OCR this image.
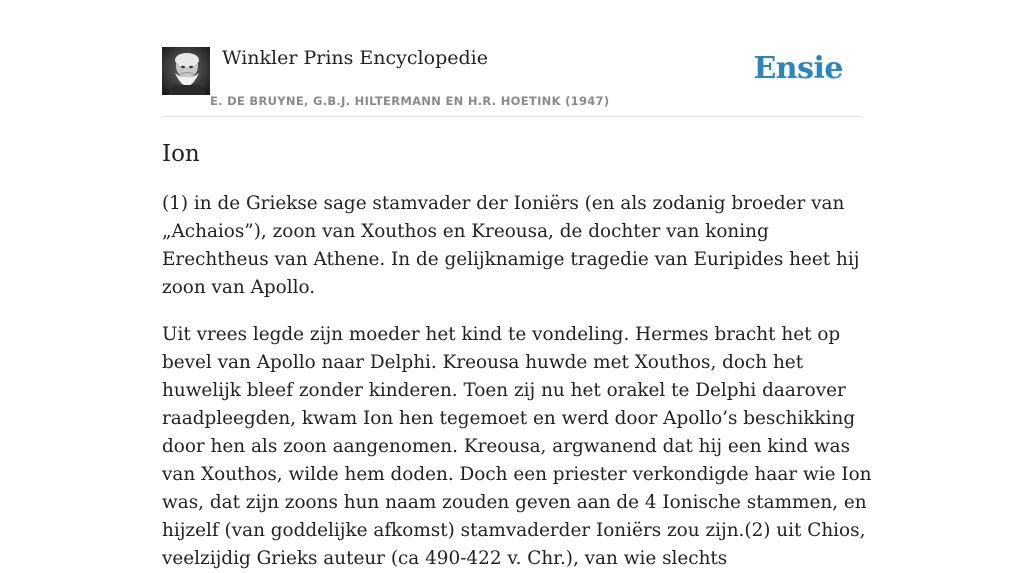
Winkler Prins Encyclopedie
E. DE BRUYNE, G.B.J. HILTERMANN EN H.R. HOETINK (1947)
Ensie
Ion

(1) in de Griekse sage stamvader der Ioniërs (en als zodanig broeder van „Achaios”), zoon van Xouthos en Kreousa, de dochter van koning Erechtheus van Athene. In de gelijknamige tragedie van Euripides heet hij zoon van Apollo.

Uit vrees legde zijn moeder het kind te vondeling. Hermes bracht het op bevel van Apollo naar Delphi. Kreousa huwde met Xouthos, doch het huwelijk bleef zonder kinderen. Toen zij nu het orakel te Delphi daarover raadpleegden, kwam Ion hen tegemoet en werd door Apollo’s beschikking door hen als zoon aangenomen. Kreousa, argwanend dat hij een kind was van Xouthos, wilde hem doden. Doch een priester verkondigde haar wie Ion was, dat zijn zoons hun naam zouden geven aan de 4 Ionische stammen, en hijzelf (van goddelijke afkomst) stamvaderder Ioniërs zou zijn.(2) uit Chios, veelzijdig Grieks auteur (ca 490-422 v. Chr.), van wie slechts
